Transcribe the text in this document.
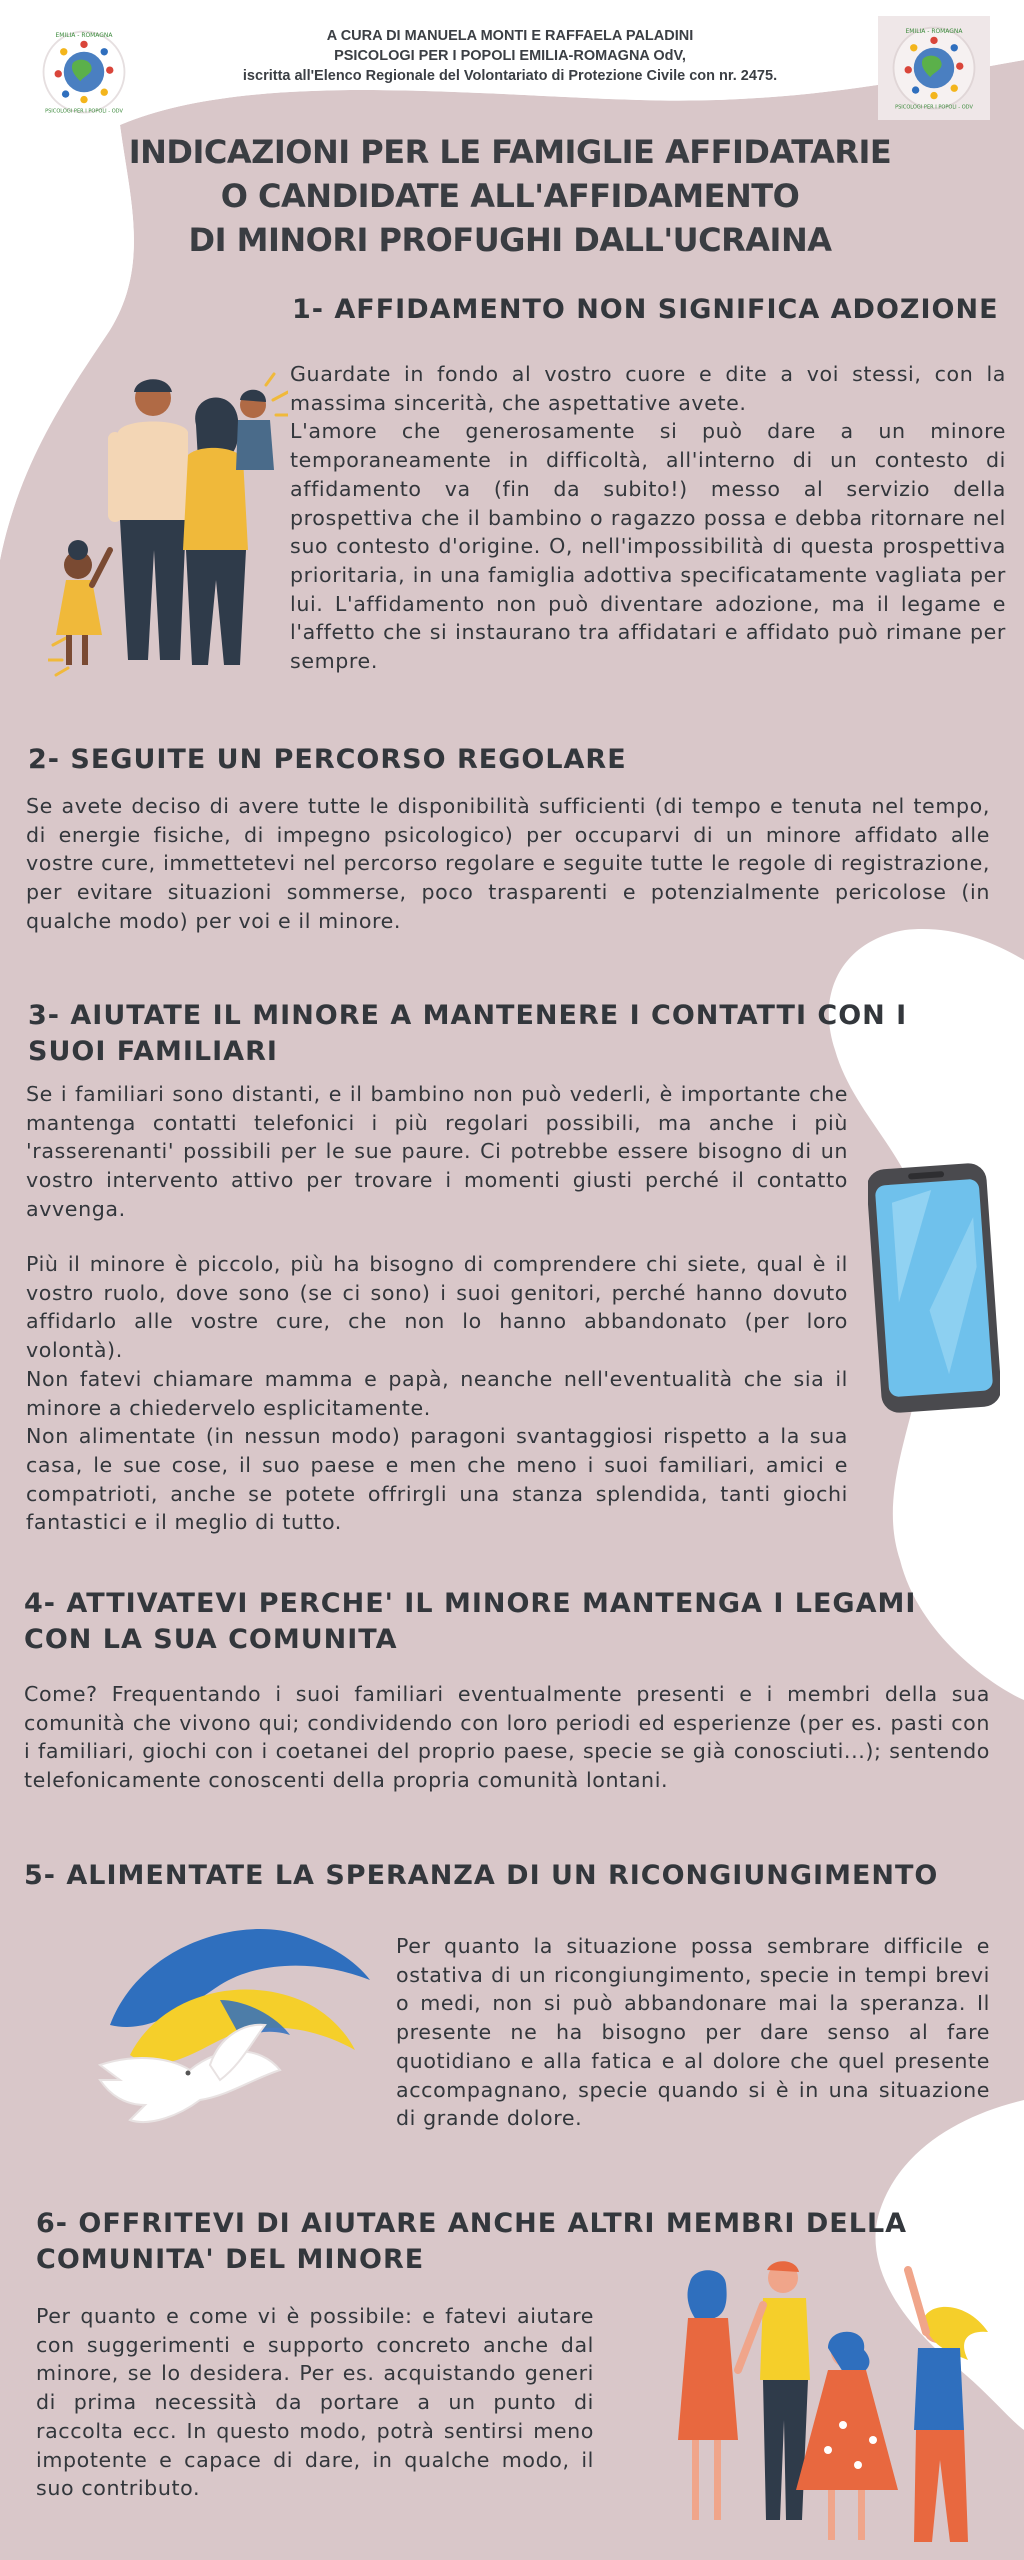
EMILIA - ROMAGNA
PSICOLOGI PER I POPOLI - ODV
EMILIA - ROMAGNA
PSICOLOGI PER I POPOLI - ODV
A CURA DI MANUELA MONTI E RAFFAELA PALADINI
PSICOLOGI PER I POPOLI EMILIA-ROMAGNA OdV,
iscritta all'Elenco Regionale del Volontariato di Protezione Civile con nr. 2475.
INDICAZIONI PER LE FAMIGLIE AFFIDATARIE
O CANDIDATE ALL'AFFIDAMENTO
DI MINORI PROFUGHI DALL'UCRAINA
1- AFFIDAMENTO NON SIGNIFICA ADOZIONE
Guardate in fondo al vostro cuore e dite a voi stessi, con la massima sincerità, che aspettative avete.
L'amore che generosamente si può dare a un minore temporaneamente in difficoltà, all'interno di un contesto di affidamento va (fin da subito!) messo al servizio della prospettiva che il bambino o ragazzo possa e debba ritornare nel suo contesto d'origine. O, nell'impossibilità di questa prospettiva prioritaria, in una famiglia adottiva specificatamente vagliata per lui. L'affidamento non può diventare adozione, ma il legame e l'affetto che si instaurano tra affidatari e affidato può rimane per sempre.
2- SEGUITE UN PERCORSO REGOLARE
Se avete deciso di avere tutte le disponibilità sufficienti (di tempo e tenuta nel tempo, di energie fisiche, di impegno psicologico) per occuparvi di un minore affidato alle vostre cure, immettetevi nel percorso regolare e seguite tutte le regole di registrazione, per evitare situazioni sommerse, poco trasparenti e potenzialmente pericolose (in qualche modo) per voi e il minore.
3- AIUTATE IL MINORE A MANTENERE I CONTATTI CON I
SUOI FAMILIARI
Se i familiari sono distanti, e il bambino non può vederli, è importante che mantenga contatti telefonici i più regolari possibili, ma anche i più 'rasserenanti' possibili per le sue paure. Ci potrebbe essere bisogno di un vostro intervento attivo per trovare i momenti giusti perché il contatto avvenga.
Più il minore è piccolo, più ha bisogno di comprendere chi siete, qual è il vostro ruolo, dove sono (se ci sono) i suoi genitori, perché hanno dovuto affidarlo alle vostre cure, che non lo hanno abbandonato (per loro volontà).
Non fatevi chiamare mamma e papà, neanche nell'eventualità che sia il minore a chiedervelo esplicitamente.
Non alimentate (in nessun modo) paragoni svantaggiosi rispetto a la sua casa, le sue cose, il suo paese e men che meno i suoi familiari, amici e compatrioti, anche se potete offrirgli una stanza splendida, tanti giochi fantastici e il meglio di tutto.
4- ATTIVATEVI PERCHE' IL MINORE MANTENGA I LEGAMI
CON LA SUA COMUNITA
Come? Frequentando i suoi familiari eventualmente presenti e i membri della sua comunità che vivono qui; condividendo con loro periodi ed esperienze (per es. pasti con i familiari, giochi con i coetanei del proprio paese, specie se già conosciuti...); sentendo telefonicamente conoscenti della propria comunità lontani.
5- ALIMENTATE LA SPERANZA DI UN RICONGIUNGIMENTO
Per quanto la situazione possa sembrare difficile e ostativa di un ricongiungimento, specie in tempi brevi o medi, non si può abbandonare mai la speranza. Il presente ne ha bisogno per dare senso al fare quotidiano e alla fatica e al dolore che quel presente accompagnano, specie quando si è in una situazione di grande dolore.
6- OFFRITEVI DI AIUTARE ANCHE ALTRI MEMBRI DELLA
COMUNITA' DEL MINORE
Per quanto e come vi è possibile: e fatevi aiutare con suggerimenti e supporto concreto anche dal minore, se lo desidera. Per es. acquistando generi di prima necessità da portare a un punto di raccolta ecc. In questo modo, potrà sentirsi meno impotente e capace di dare, in qualche modo, il suo contributo.
